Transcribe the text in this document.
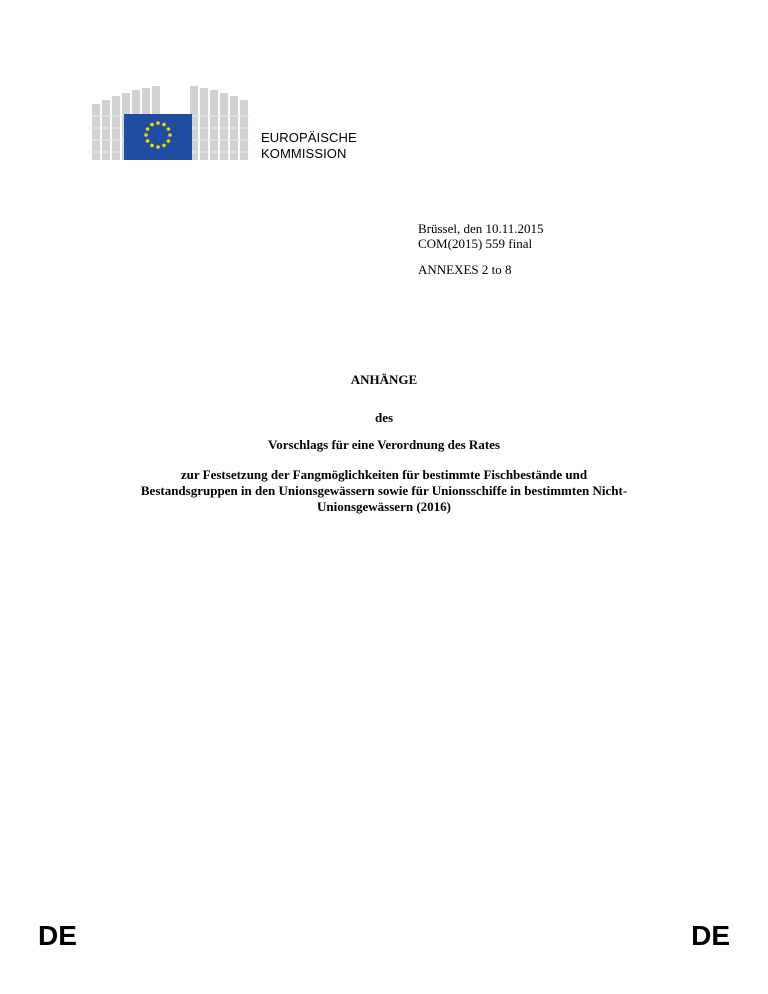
EUROPÄISCHE
KOMMISSION
Brüssel, den 10.11.2015
COM(2015) 559 final
ANNEXES 2 to 8
ANHÄNGE
des
Vorschlags für eine Verordnung des Rates
zur Festsetzung der Fangmöglichkeiten für bestimmte Fischbestände und
Bestandsgruppen in den Unionsgewässern sowie für Unionsschiffe in bestimmten Nicht-
Unionsgewässern (2016)
DE	DE
